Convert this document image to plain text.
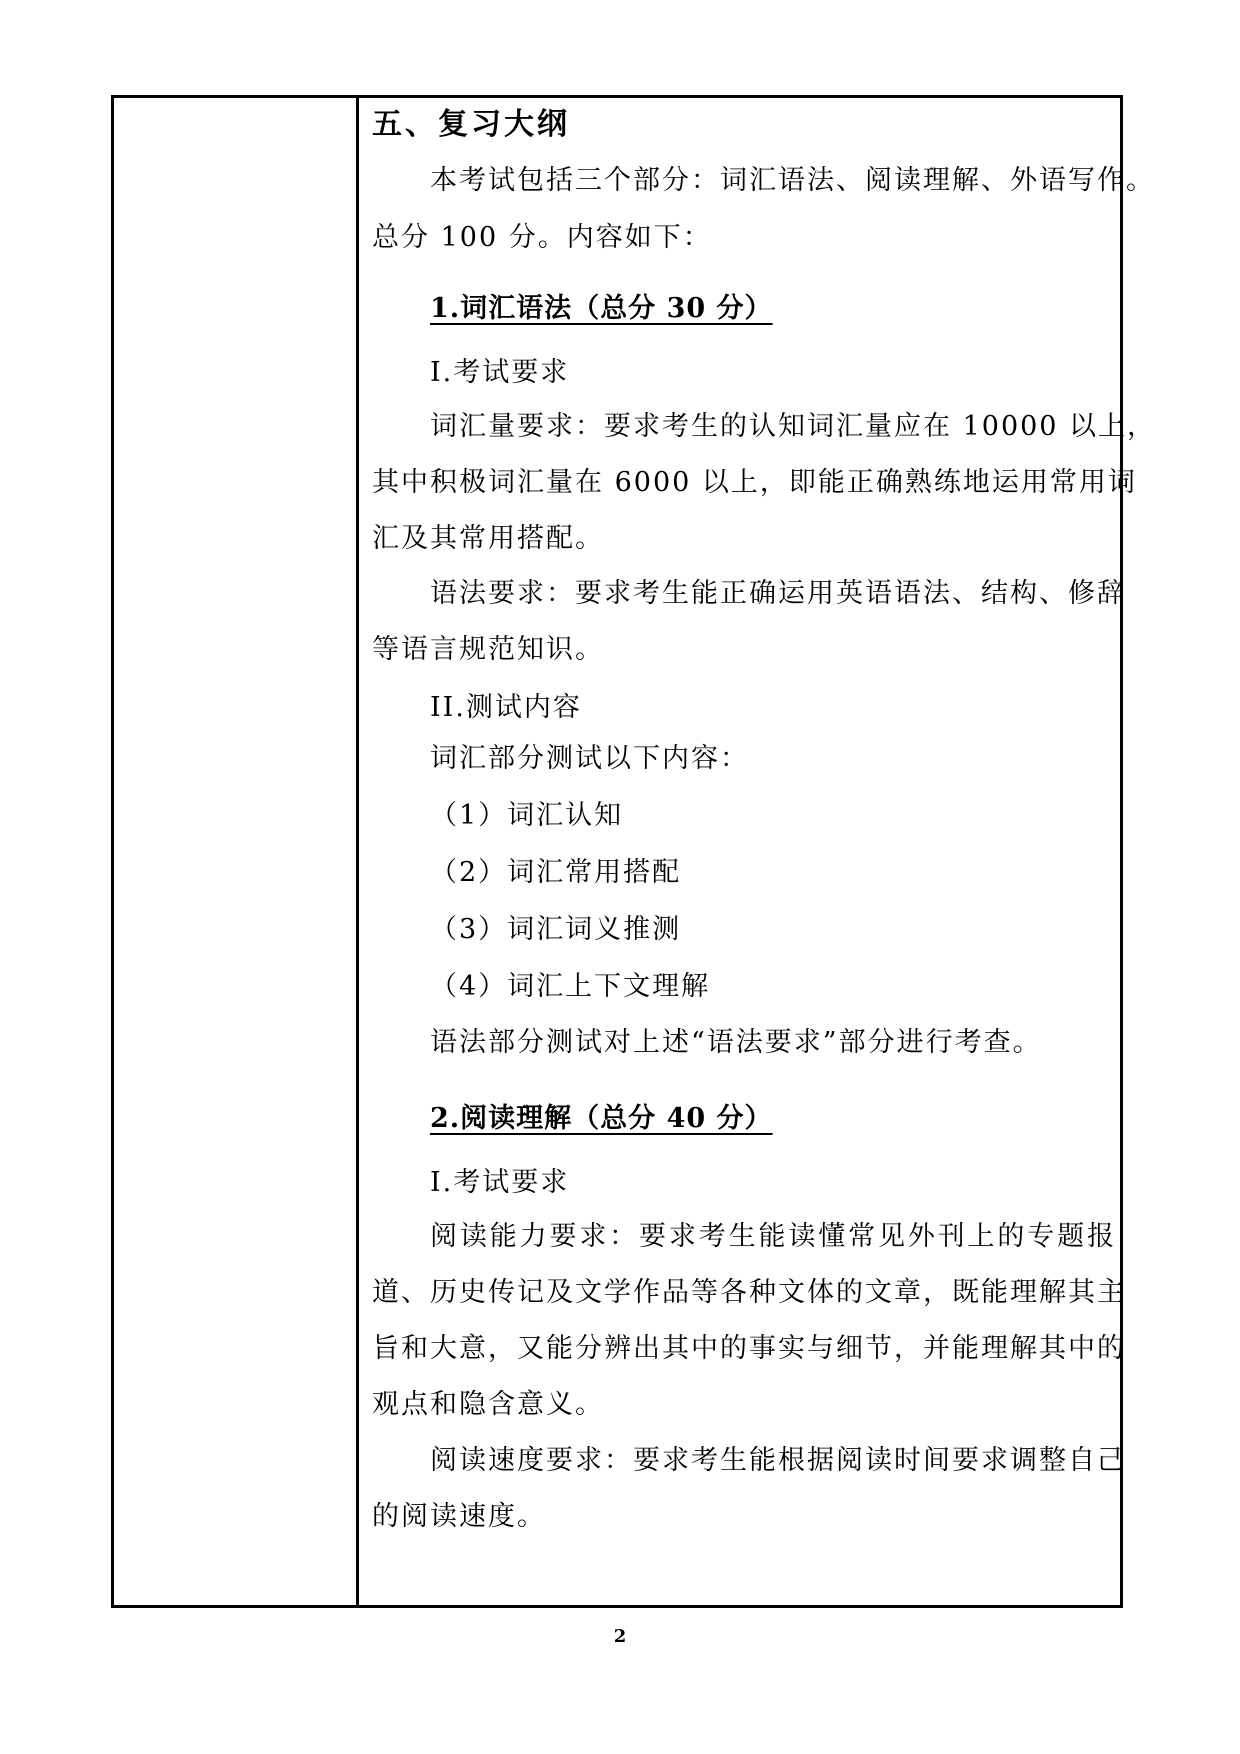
五、复习大纲
本考试包括三个部分：词汇语法、阅读理解、外语写作。
总分 100 分。内容如下：
1.词汇语法（总分 30 分）
I.考试要求
词汇量要求：要求考生的认知词汇量应在 10000 以上，
其中积极词汇量在 6000 以上，即能正确熟练地运用常用词
汇及其常用搭配。
语法要求：要求考生能正确运用英语语法、结构、修辞
等语言规范知识。
II.测试内容
词汇部分测试以下内容：
（1）词汇认知
（2）词汇常用搭配
（3）词汇词义推测
（4）词汇上下文理解
语法部分测试对上述“语法要求”部分进行考查。
2.阅读理解（总分 40 分）
I.考试要求
阅读能力要求：要求考生能读懂常见外刊上的专题报
道、历史传记及文学作品等各种文体的文章，既能理解其主
旨和大意，又能分辨出其中的事实与细节，并能理解其中的
观点和隐含意义。
阅读速度要求：要求考生能根据阅读时间要求调整自己
的阅读速度。
2
